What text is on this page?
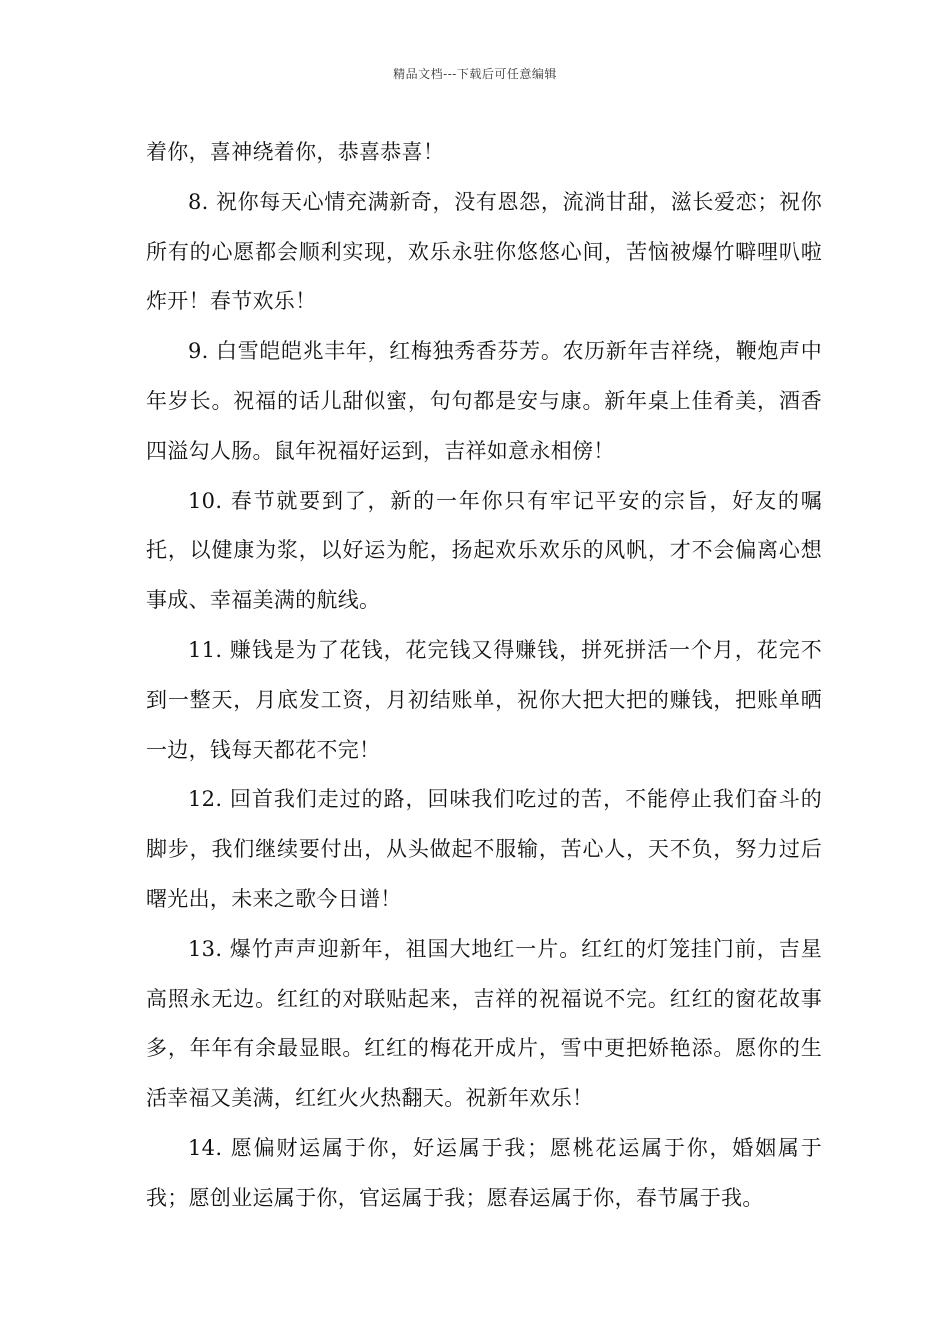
精品文档---下载后可任意编辑

着你，喜神绕着你，恭喜恭喜！

8. 祝你每天心情充满新奇，没有恩怨，流淌甘甜，滋长爱恋；祝你所有的心愿都会顺利实现，欢乐永驻你悠悠心间，苦恼被爆竹噼哩叭啦炸开！春节欢乐！

9. 白雪皑皑兆丰年，红梅独秀香芬芳。农历新年吉祥绕，鞭炮声中年岁长。祝福的话儿甜似蜜，句句都是安与康。新年桌上佳肴美，酒香四溢勾人肠。鼠年祝福好运到，吉祥如意永相傍！

10. 春节就要到了，新的一年你只有牢记平安的宗旨，好友的嘱托，以健康为浆，以好运为舵，扬起欢乐欢乐的风帆，才不会偏离心想事成、幸福美满的航线。

11. 赚钱是为了花钱，花完钱又得赚钱，拼死拼活一个月，花完不到一整天，月底发工资，月初结账单，祝你大把大把的赚钱，把账单晒一边，钱每天都花不完！

12. 回首我们走过的路，回味我们吃过的苦，不能停止我们奋斗的脚步，我们继续要付出，从头做起不服输，苦心人，天不负，努力过后曙光出，未来之歌今日谱！

13. 爆竹声声迎新年，祖国大地红一片。红红的灯笼挂门前，吉星高照永无边。红红的对联贴起来，吉祥的祝福说不完。红红的窗花故事多，年年有余最显眼。红红的梅花开成片，雪中更把娇艳添。愿你的生活幸福又美满，红红火火热翻天。祝新年欢乐！

14. 愿偏财运属于你，好运属于我；愿桃花运属于你，婚姻属于我；愿创业运属于你，官运属于我；愿春运属于你，春节属于我。
